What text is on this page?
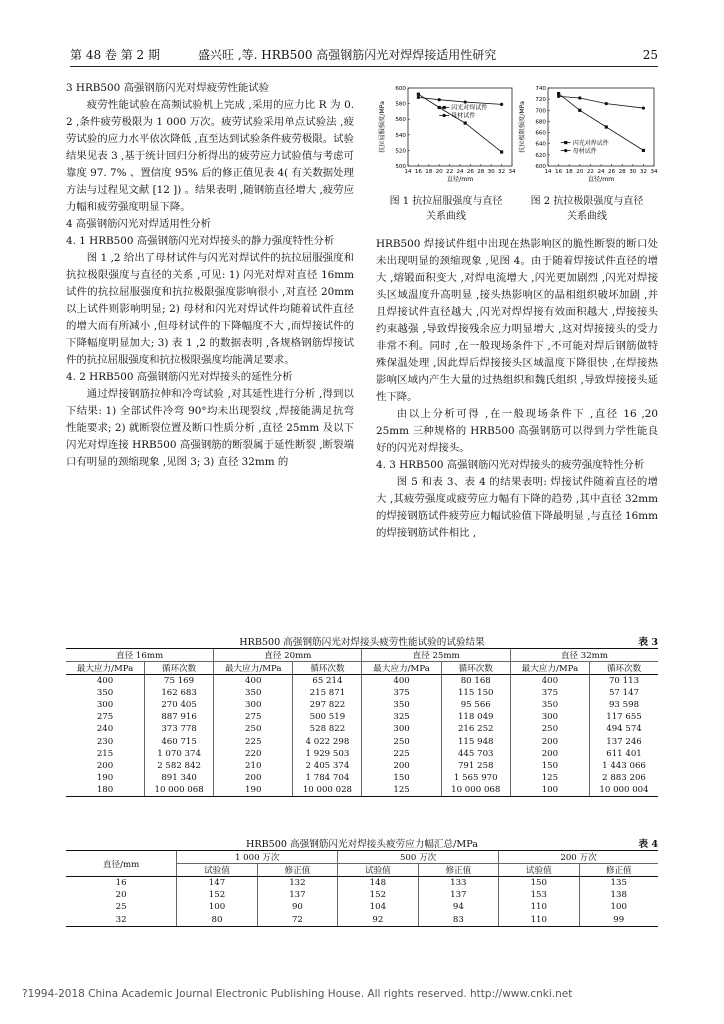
第 48 卷 第 2 期	盛兴旺 ,等. HRB500 高强钢筋闪光对焊焊接适用性研究	25

3 HRB500 高强钢筋闪光对焊疲劳性能试验

疲劳性能试验在高频试验机上完成 ,采用的应力比 R 为 0. 2 ,条件疲劳极限为 1 000 万次。疲劳试验采用单点试验法 ,疲劳试验的应力水平依次降低 ,直至达到试验条件疲劳极限。试验结果见表 3 ,基于统计回归分析得出的疲劳应力试验值与考虑可靠度 97. 7% 、置信度 95% 后的修正值见表 4( 有关数据处理方法与过程见文献 [12 ]) 。结果表明 ,随钢筋直径增大 ,疲劳应力幅和疲劳强度明显下降。

4 高强钢筋闪光对焊适用性分析

4. 1 HRB500 高强钢筋闪光对焊接头的静力强度特性分析

图 1 ,2 给出了母材试件与闪光对焊试件的抗拉屈服强度和抗拉极限强度与直径的关系 ,可见: 1) 闪光对焊对直径 16mm 试件的抗拉屈服强度和抗拉极限强度影响很小 ,对直径 20mm 以上试件则影响明显; 2) 母材和闪光对焊试件均随着试件直径的增大而有所减小 ,但母材试件的下降幅度不大 ,而焊接试件的下降幅度明显加大; 3) 表 1 ,2 的数据表明 ,各规格钢筋焊接试件的抗拉屈服强度和抗拉极限强度均能满足要求。

4. 2 HRB500 高强钢筋闪光对焊接头的延性分析

通过焊接钢筋拉伸和冷弯试验 ,对其延性进行分析 ,得到以下结果: 1) 全部试件冷弯 90°均未出现裂纹 ,焊接能满足抗弯性能要求; 2) 就断裂位置及断口性质分析 ,直径 25mm 及以下闪光对焊连接 HRB500 高强钢筋的断裂属于延性断裂 ,断裂端口有明显的颈缩现象 ,见图 3; 3) 直径 32mm 的

14 16 18 20 22 24 26 28 30 32 34
500
520
540
560
580
600
直径/mm
抗拉屈服强度/MPa	闪光对焊试件
母材试件
14 16 18 20 22 24 26 28 30 32 34
600
620
640
660
680
700
720
740
直径/mm
抗拉极限强度/MPa	闪光对焊试件
母材试件
图 1 抗拉屈服强度与直径
关系曲线
图 2 抗拉极限强度与直径
关系曲线

HRB500 焊接试件组中出现在热影响区的脆性断裂的断口处未出现明显的颈缩现象 ,见图 4。由于随着焊接试件直径的增大 ,熔锻面积变大 ,对焊电流增大 ,闪光更加剧烈 ,闪光对焊接头区域温度升高明显 ,接头热影响区的晶相组织破坏加剧 ,并且焊接试件直径越大 ,闪光对焊焊接有效面积越大 ,焊接接头约束越强 ,导致焊接残余应力明显增大 ,这对焊接接头的受力非常不利。同时 ,在一般现场条件下 ,不可能对焊后钢筋做特殊保温处理 ,因此焊后焊接接头区域温度下降很快 ,在焊接热影响区域内产生大量的过热组织和魏氏组织 ,导致焊接接头延性下降。

由以上分析可得 ,在一般现场条件下 ,直径 16 ,20 25mm 三种规格的 HRB500 高强钢筋可以得到力学性能良好的闪光对焊接头。

4. 3 HRB500 高强钢筋闪光对焊接头的疲劳强度特性分析

图 5 和表 3、表 4 的结果表明: 焊接试件随着直径的增大 ,其疲劳强度或疲劳应力幅有下降的趋势 ,其中直径 32mm 的焊接钢筋试件疲劳应力幅试验值下降最明显 ,与直径 16mm 的焊接钢筋试件相比 ,

HRB500 高强钢筋闪光对焊接头疲劳性能试验的试验结果	表 3
直径 16mm		直径 20mm		直径 25mm		直径 32mm	
最大应力/MPa	循环次数	最大应力/MPa	循环次数	最大应力/MPa	循环次数	最大应力/MPa	循环次数
400	75 169	400	65 214	400	80 168	400	70 113
350	162 683	350	215 871	375	115 150	375	57 147
300	270 405	300	297 822	350	95 566	350	93 598
275	887 916	275	500 519	325	118 049	300	117 655
240	373 778	250	528 822	300	216 252	250	494 574
230	460 715	225	4 022 298	250	115 948	200	137 246
215	1 070 374	220	1 929 503	225	445 703	200	611 401
200	2 582 842	210	2 405 374	200	791 258	150	1 443 066
190	891 340	200	1 784 704	150	1 565 970	125	2 883 206
180	10 000 068	190	10 000 028	125	10 000 068	100	10 000 004
HRB500 高强钢筋闪光对焊接头疲劳应力幅汇总/MPa	表 4
直径/mm	1 000 万次		500 万次		200 万次	
	试验值	修正值	试验值	修正值	试验值	修正值
16	147	132	148	133	150	135
20	152	137	152	137	153	138
25	100	90	104	94	110	100
32	80	72	92	83	110	99
?1994-2018 China Academic Journal Electronic Publishing House. All rights reserved. http://www.cnki.net
